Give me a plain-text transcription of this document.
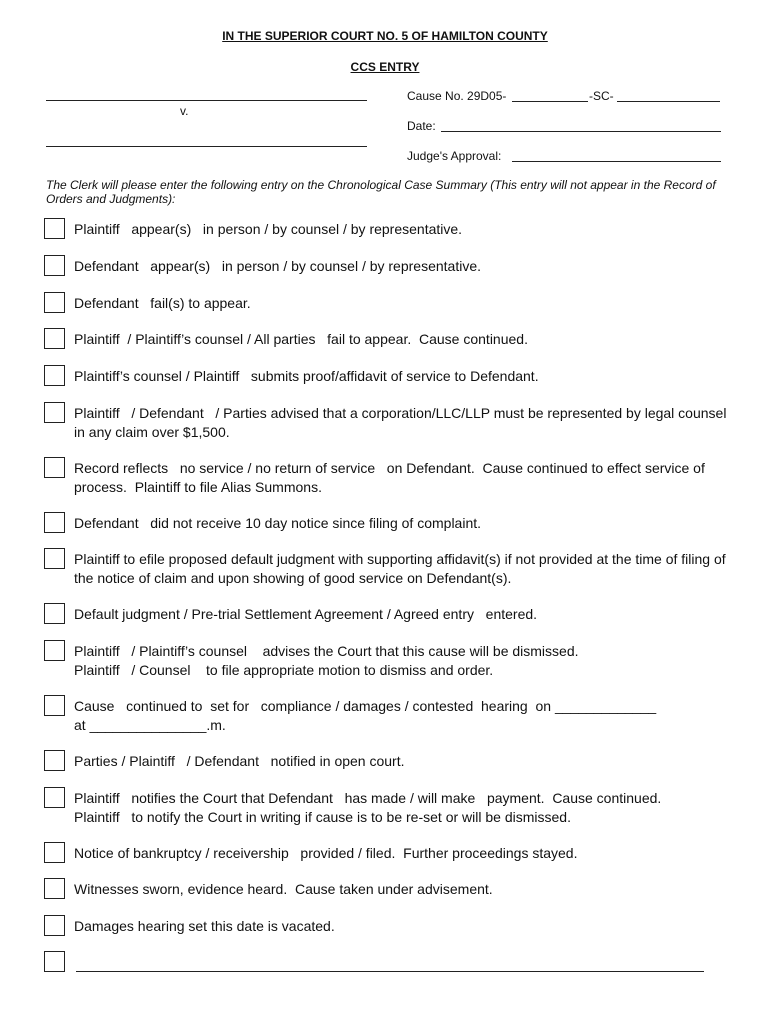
IN THE SUPERIOR COURT NO. 5 OF HAMILTON COUNTY
CCS ENTRY
v.
Cause No. 29D05-	-SC-
Date:
Judge's Approval:
The Clerk will please enter the following entry on the Chronological Case Summary (This entry will not appear in the Record of Orders and Judgments):
Plaintiff   appear(s)   in person / by counsel / by representative.
Defendant   appear(s)   in person / by counsel / by representative.
Defendant   fail(s) to appear.
Plaintiff  / Plaintiff’s counsel / All parties   fail to appear.  Cause continued.
Plaintiff’s counsel / Plaintiff   submits proof/affidavit of service to Defendant.
Plaintiff   / Defendant   / Parties advised that a corporation/LLC/LLP must be represented by legal counsel in any claim over $1,500.
Record reflects   no service / no return of service   on Defendant.  Cause continued to effect service of process.  Plaintiff to file Alias Summons.
Defendant   did not receive 10 day notice since filing of complaint.
Plaintiff to efile proposed default judgment with supporting affidavit(s) if not provided at the time of filing of the notice of claim and upon showing of good service on Defendant(s).
Default judgment / Pre-trial Settlement Agreement / Agreed entry   entered.
Plaintiff   / Plaintiff’s counsel    advises the Court that this cause will be dismissed.
Plaintiff   / Counsel    to file appropriate motion to dismiss and order.
Cause   continued to  set for   compliance / damages / contested  hearing  on _____________
at _______________.m.
Parties / Plaintiff   / Defendant   notified in open court.
Plaintiff   notifies the Court that Defendant   has made / will make   payment.  Cause continued.
Plaintiff   to notify the Court in writing if cause is to be re-set or will be dismissed.
Notice of bankruptcy / receivership   provided / filed.  Further proceedings stayed.
Witnesses sworn, evidence heard.  Cause taken under advisement.
Damages hearing set this date is vacated.
